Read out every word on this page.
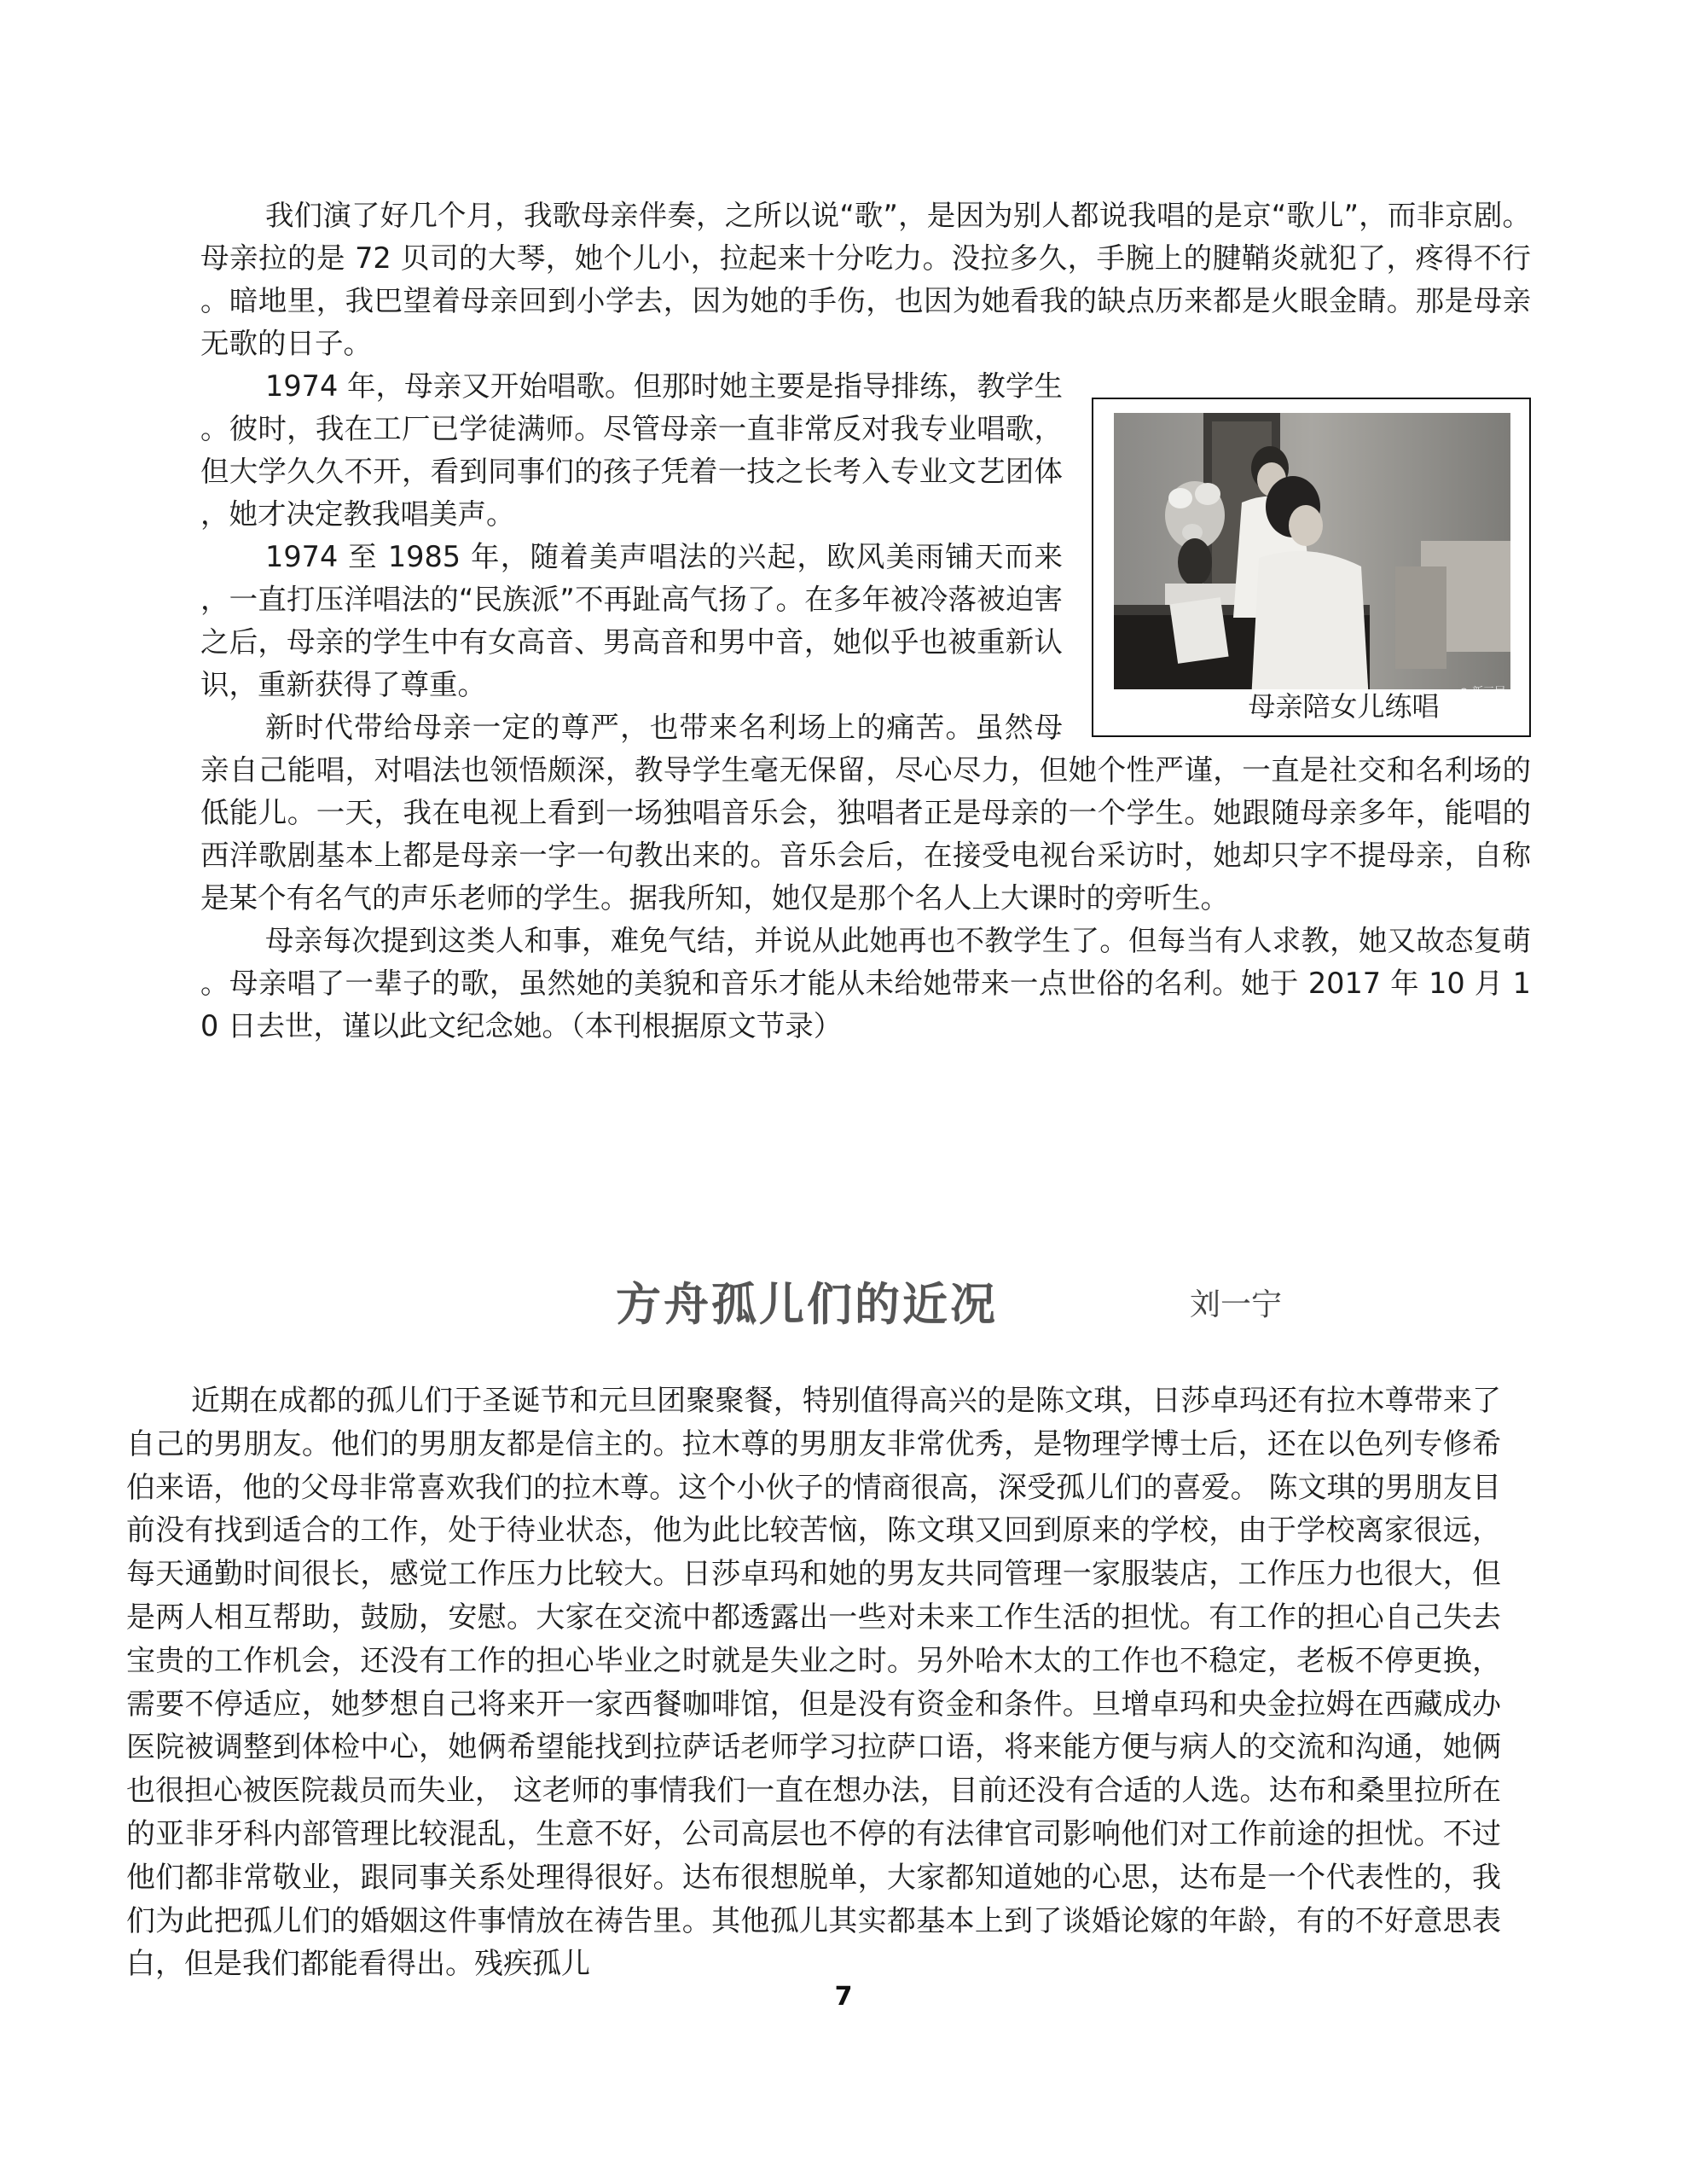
我们演了好几个月，我歌母亲伴奏，之所以说“歌”，是因为别人都说我唱的是京“歌儿”，而非京剧。母亲拉的是 72 贝司的大琴，她个儿小，拉起来十分吃力。没拉多久，手腕上的腱鞘炎就犯了，疼得不行。暗地里，我巴望着母亲回到小学去，因为她的手伤，也因为她看我的缺点历来都是火眼金睛。那是母亲无歌的日子。

母亲陪女儿练唱
1974 年，母亲又开始唱歌。但那时她主要是指导排练，教学生。彼时，我在工厂已学徒满师。尽管母亲一直非常反对我专业唱歌，但大学久久不开，看到同事们的孩子凭着一技之长考入专业文艺团体，她才决定教我唱美声。

1974 至 1985 年，随着美声唱法的兴起，欧风美雨铺天而来，一直打压洋唱法的“民族派”不再趾高气扬了。在多年被冷落被迫害之后，母亲的学生中有女高音、男高音和男中音，她似乎也被重新认识，重新获得了尊重。

新时代带给母亲一定的尊严，也带来名利场上的痛苦。虽然母亲自己能唱，对唱法也领悟颇深，教导学生毫无保留，尽心尽力，但她个性严谨，一直是社交和名利场的低能儿。一天，我在电视上看到一场独唱音乐会，独唱者正是母亲的一个学生。她跟随母亲多年，能唱的西洋歌剧基本上都是母亲一字一句教出来的。音乐会后，在接受电视台采访时，她却只字不提母亲，自称是某个有名气的声乐老师的学生。据我所知，她仅是那个名人上大课时的旁听生。

母亲每次提到这类人和事，难免气结，并说从此她再也不教学生了。但每当有人求教，她又故态复萌。母亲唱了一辈子的歌，虽然她的美貌和音乐才能从未给她带来一点世俗的名利。她于 2017 年 10 月 10 日去世，谨以此文纪念她。（本刊根据原文节录）

方舟孤儿们的近况	刘一宁

近期在成都的孤儿们于圣诞节和元旦团聚聚餐，特别值得高兴的是陈文琪，日莎卓玛还有拉木尊带来了自己的男朋友。他们的男朋友都是信主的。拉木尊的男朋友非常优秀，是物理学博士后，还在以色列专修希伯来语，他的父母非常喜欢我们的拉木尊。这个小伙子的情商很高，深受孤儿们的喜爱。 陈文琪的男朋友目前没有找到适合的工作，处于待业状态，他为此比较苦恼，陈文琪又回到原来的学校，由于学校离家很远，每天通勤时间很长，感觉工作压力比较大。日莎卓玛和她的男友共同管理一家服装店，工作压力也很大，但是两人相互帮助，鼓励，安慰。大家在交流中都透露出一些对未来工作生活的担忧。有工作的担心自己失去宝贵的工作机会，还没有工作的担心毕业之时就是失业之时。另外哈木太的工作也不稳定，老板不停更换，需要不停适应，她梦想自己将来开一家西餐咖啡馆，但是没有资金和条件。旦增卓玛和央金拉姆在西藏成办医院被调整到体检中心，她俩希望能找到拉萨话老师学习拉萨口语，将来能方便与病人的交流和沟通，她俩也很担心被医院裁员而失业， 这老师的事情我们一直在想办法，目前还没有合适的人选。达布和桑里拉所在的亚非牙科内部管理比较混乱，生意不好，公司高层也不停的有法律官司影响他们对工作前途的担忧。不过他们都非常敬业，跟同事关系处理得很好。达布很想脱单，大家都知道她的心思，达布是一个代表性的，我们为此把孤儿们的婚姻这件事情放在祷告里。其他孤儿其实都基本上到了谈婚论嫁的年龄，有的不好意思表白，但是我们都能看得出。残疾孤儿

7
